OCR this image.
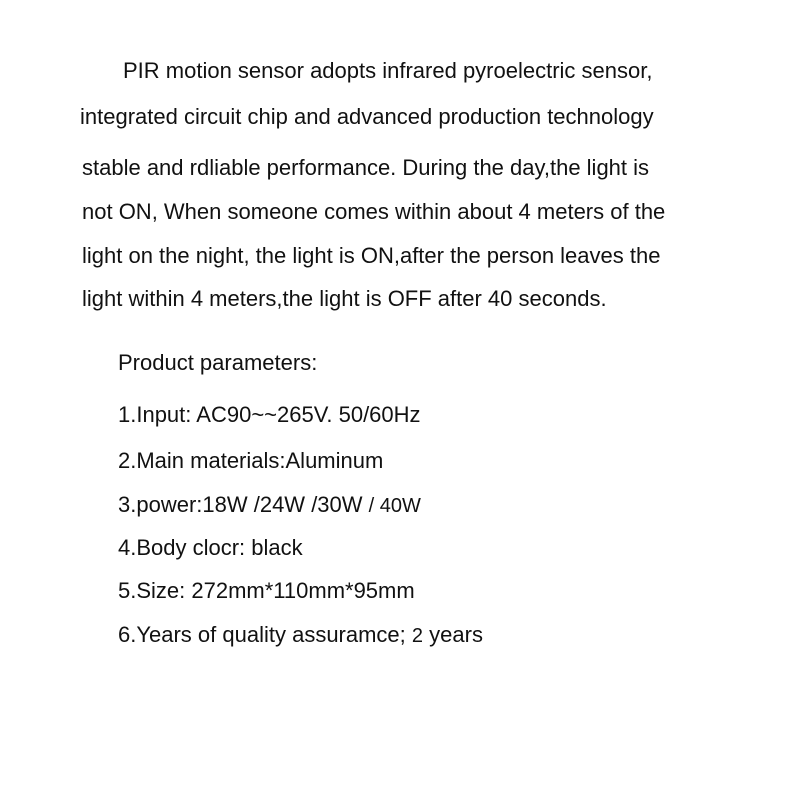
PIR motion sensor adopts infrared pyroelectric sensor,
integrated circuit chip and advanced production technology
stable and rdliable performance. During the day,the light is
not ON, When someone comes within about 4 meters of the
light on the night, the light is ON,after the person leaves the
light within 4 meters,the light is OFF after 40 seconds.
Product parameters:
1.Input: AC90~~265V. 50/60Hz
2.Main materials:Aluminum
3.power:18W /24W /30W / 40W
4.Body clocr: black
5.Size: 272mm*110mm*95mm
6.Years of quality assuramce; 2 years
